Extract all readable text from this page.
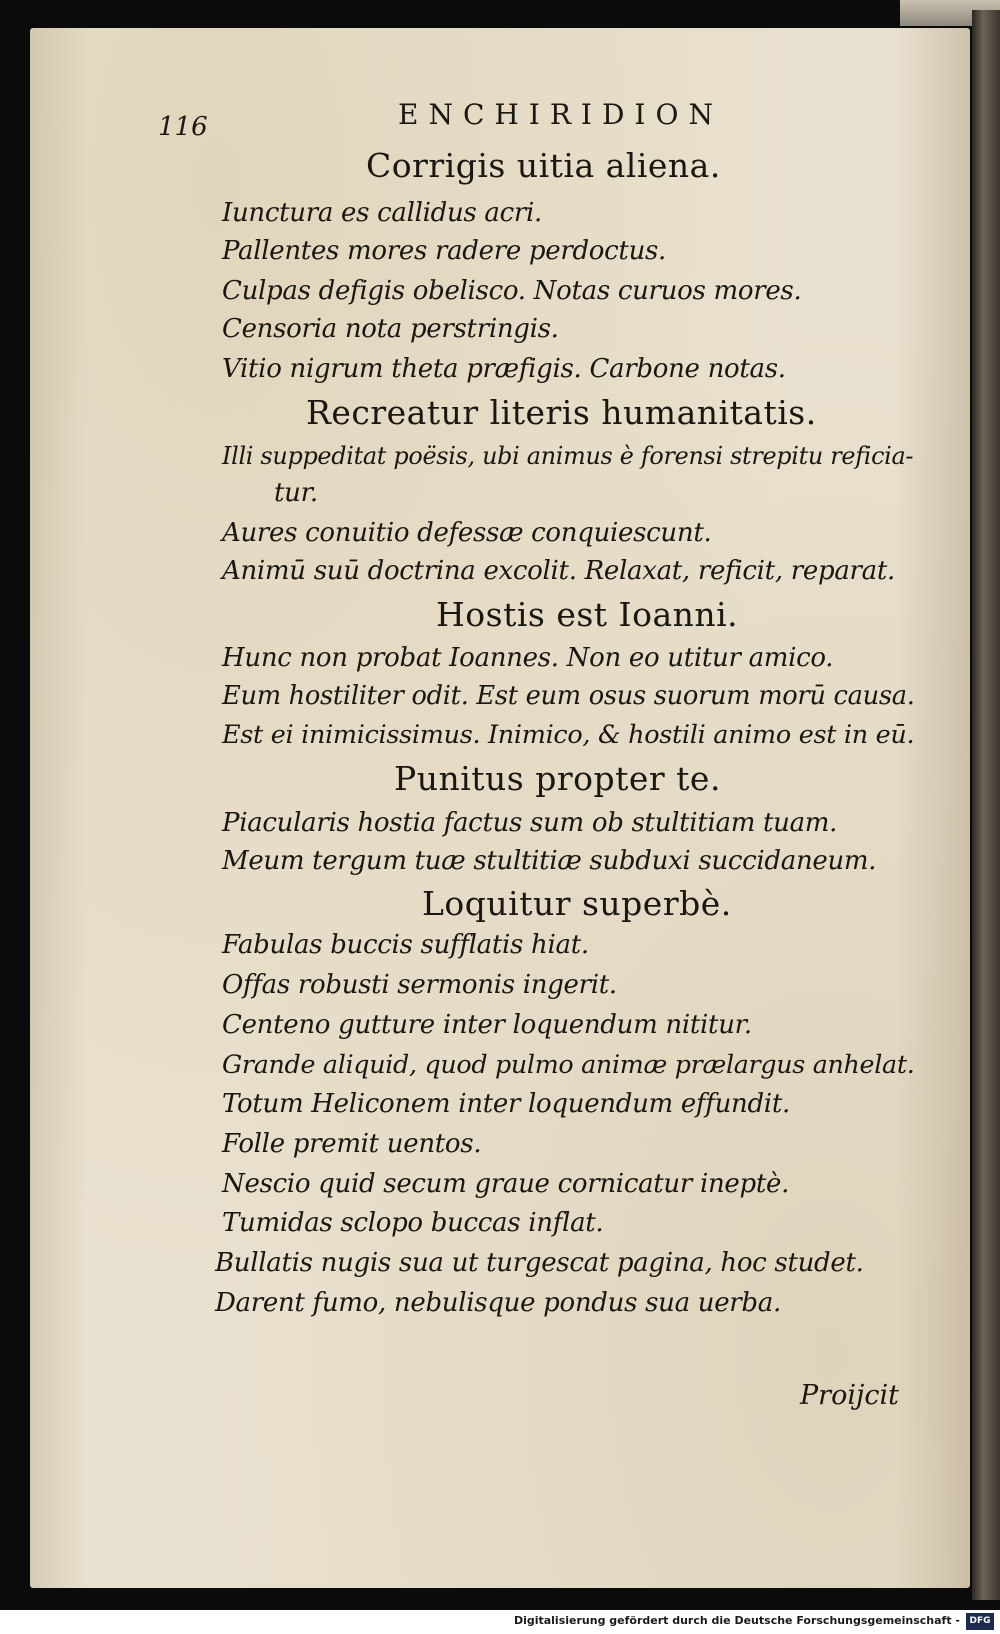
116	ENCHIRIDION
Corrigis uitia aliena.
Iunctura es callidus acri.
Pallentes mores radere perdoctus.
Culpas defigis obelisco. Notas curuos mores.
Censoria nota perstringis.
Vitio nigrum theta præfigis. Carbone notas.
Recreatur literis humanitatis.
Illi suppeditat poësis, ubi animus è forensi strepitu reficia-
tur.
Aures conuitio defessæ conquiescunt.
Animū suū doctrina excolit. Relaxat, reficit, reparat.
Hostis est Ioanni.
Hunc non probat Ioannes. Non eo utitur amico.
Eum hostiliter odit. Est eum osus suorum morū causa.
Est ei inimicissimus. Inimico, & hostili animo est in eū.
Punitus propter te.
Piacularis hostia factus sum ob stultitiam tuam.
Meum tergum tuæ stultitiæ subduxi succidaneum.
Loquitur superbè.
Fabulas buccis sufflatis hiat.
Offas robusti sermonis ingerit.
Centeno gutture inter loquendum nititur.
Grande aliquid, quod pulmo animæ prælargus anhelat.
Totum Heliconem inter loquendum effundit.
Folle premit uentos.
Nescio quid secum graue cornicatur ineptè.
Tumidas sclopo buccas inflat.
Bullatis nugis sua ut turgescat pagina, hoc studet.
Darent fumo, nebulisque pondus sua uerba.
Proijcit
Digitalisierung gefördert durch die Deutsche Forschungsgemeinschaft -	DFG
